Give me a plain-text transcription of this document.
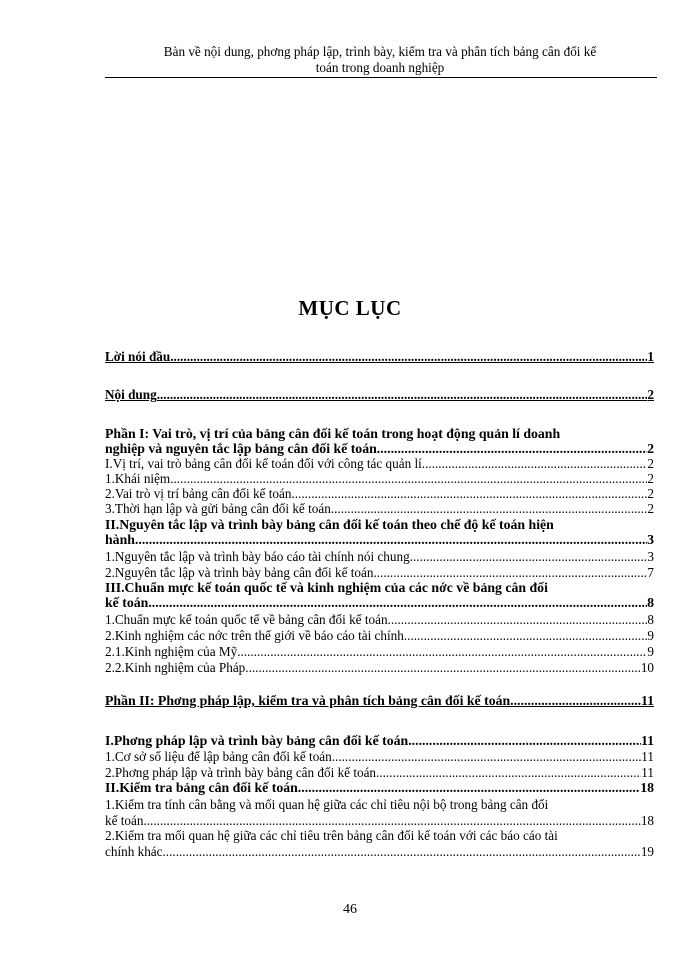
Bàn về nội dung, phơng pháp lập, trình bày, kiểm tra và phân tích bảng cân đối kế
toán trong doanh nghiệp
MỤC LỤC
Lời nói đầu .....	1
Nội dung .....	2
Phần I: Vai trò, vị trí của bảng cân đối kế toán trong hoạt động quản lí doanh
nghiệp và nguyên tắc lập bảng cân đối kế toán .....	2
I.Vị trí, vai trò bảng cân đối kế toán đối với công tác quản lí .....	2
1.Khái niệm .....	2
2.Vai trò vị trí bảng cân đối kế toán .....	2
3.Thời hạn lập và gửi bảng cân đối kế toán .....	2
II.Nguyên tắc lập và trình bày bảng cân đối kế toán theo chế độ kế toán hiện
hành. .....	3
1.Nguyên tắc lập và trình bày báo cáo tài chính nói chung .....	3
2.Nguyên tắc lập và trình bày bảng cân đối kế toán .....	7
III.Chuẩn mực kế toán quốc tế và kinh nghiệm của các nớc về bảng cân đối
kế toán .....	8
1.Chuẩn mực kế toán quốc tế về bảng cân đối kế toán .....	8
2.Kinh nghiệm các nớc trên thế giới về báo cáo tài chính .....	9
2.1.Kinh nghiệm của Mỹ .....	9
2.2.Kinh nghiệm của Pháp .....	10
Phần II: Phơng pháp lập, kiểm tra và phân tích bảng cân đối kế toán .....	11
I.Phơng pháp lập và trình bày bảng cân đối kế toán .....	11
1.Cơ sở số liệu để lập bảng cân đối kế toán .....	11
2.Phơng pháp lập và trình bày bảng cân đối kế toán. .....	11
II.Kiểm tra bảng cân đối kế toán .....	18
1.Kiểm tra tính cân bằng và mối quan hệ giữa các chỉ tiêu nội bộ trong bảng cân đối
kế toán .....	18
2.Kiểm tra mối quan hệ giữa các chỉ tiêu trên bảng cân đối kế toán với các báo cáo tài
chính khác. .....	19
46
